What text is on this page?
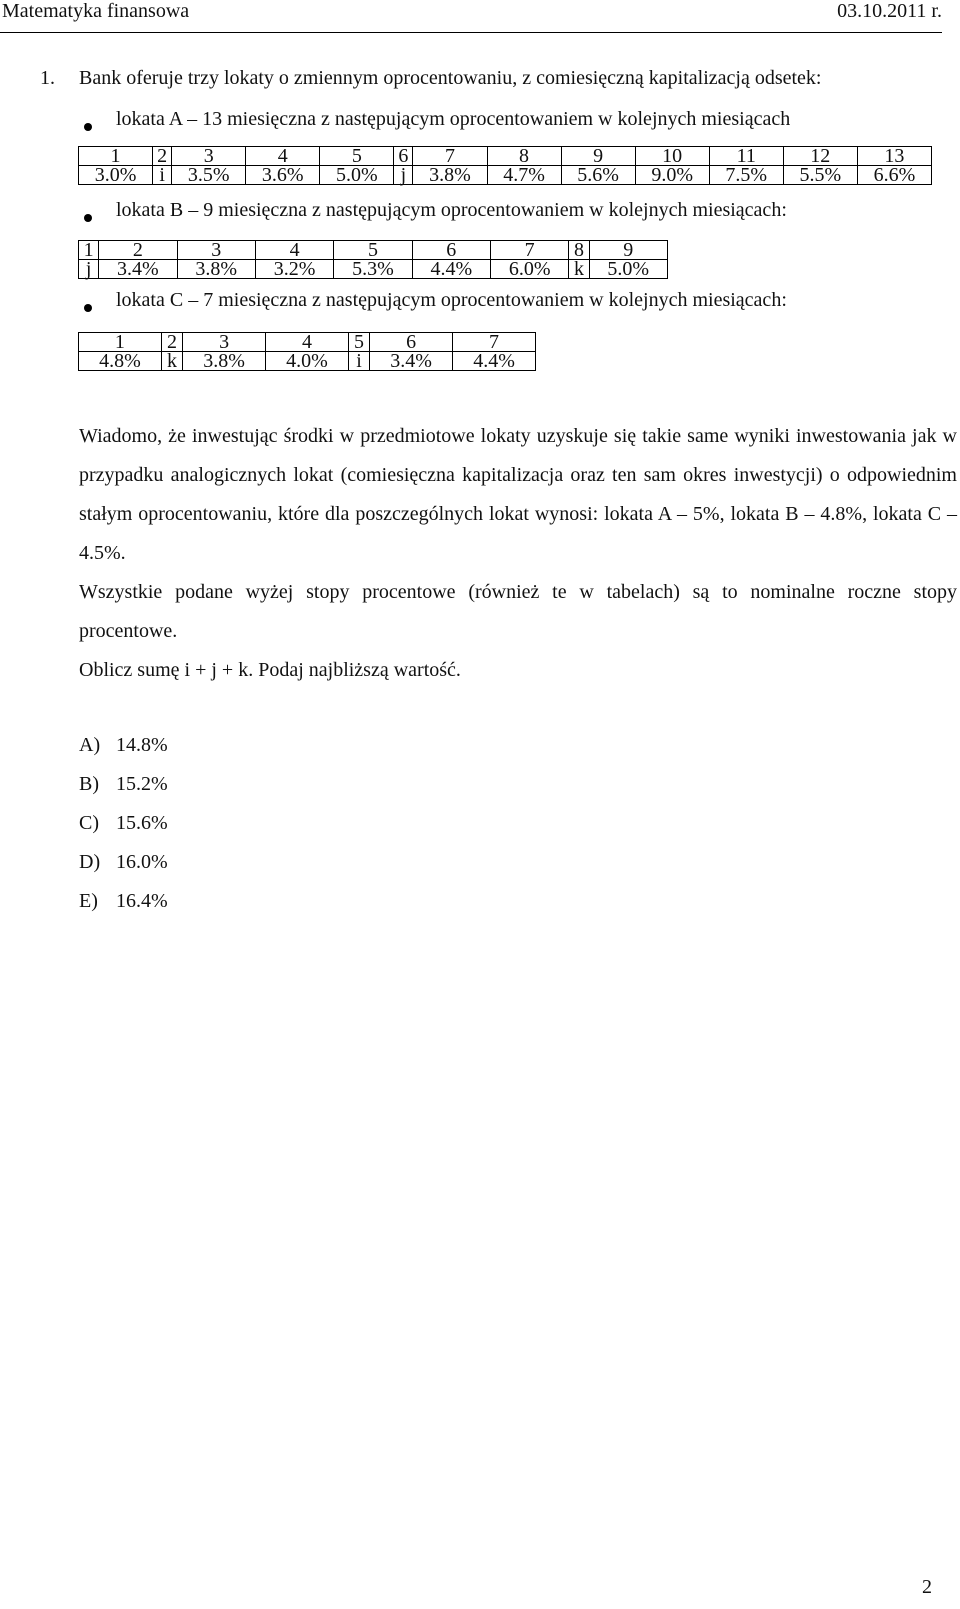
Matematyka finansowa	03.10.2011 r.
1. Bank oferuje trzy lokaty o zmiennym oprocentowaniu, z comiesięczną kapitalizacją odsetek:
lokata A – 13 miesięczna z następującym oprocentowaniem w kolejnych miesiącach
1	2	3	4	5	6	7	8	9	10	11	12	13
3.0%	i	3.5%	3.6%	5.0%	j	3.8%	4.7%	5.6%	9.0%	7.5%	5.5%	6.6%
lokata B – 9 miesięczna z następującym oprocentowaniem w kolejnych miesiącach:
1	2	3	4	5	6	7	8	9
j	3.4%	3.8%	3.2%	5.3%	4.4%	6.0%	k	5.0%
lokata C – 7 miesięczna z następującym oprocentowaniem w kolejnych miesiącach:
1	2	3	4	5	6	7
4.8%	k	3.8%	4.0%	i	3.4%	4.4%
Wiadomo, że inwestując środki w przedmiotowe lokaty uzyskuje się takie same wyniki inwestowania jak w przypadku analogicznych lokat (comiesięczna kapitalizacja oraz ten sam okres inwestycji) o odpowiednim stałym oprocentowaniu, które dla poszczególnych lokat wynosi: lokata A – 5%, lokata B – 4.8%, lokata C – 4.5%.
Wszystkie podane wyżej stopy procentowe (również te w tabelach) są to nominalne roczne stopy procentowe.
Oblicz sumę i + j + k. Podaj najbliższą wartość.
A) 14.8%
B) 15.2%
C) 15.6%
D) 16.0%
E) 16.4%
2
